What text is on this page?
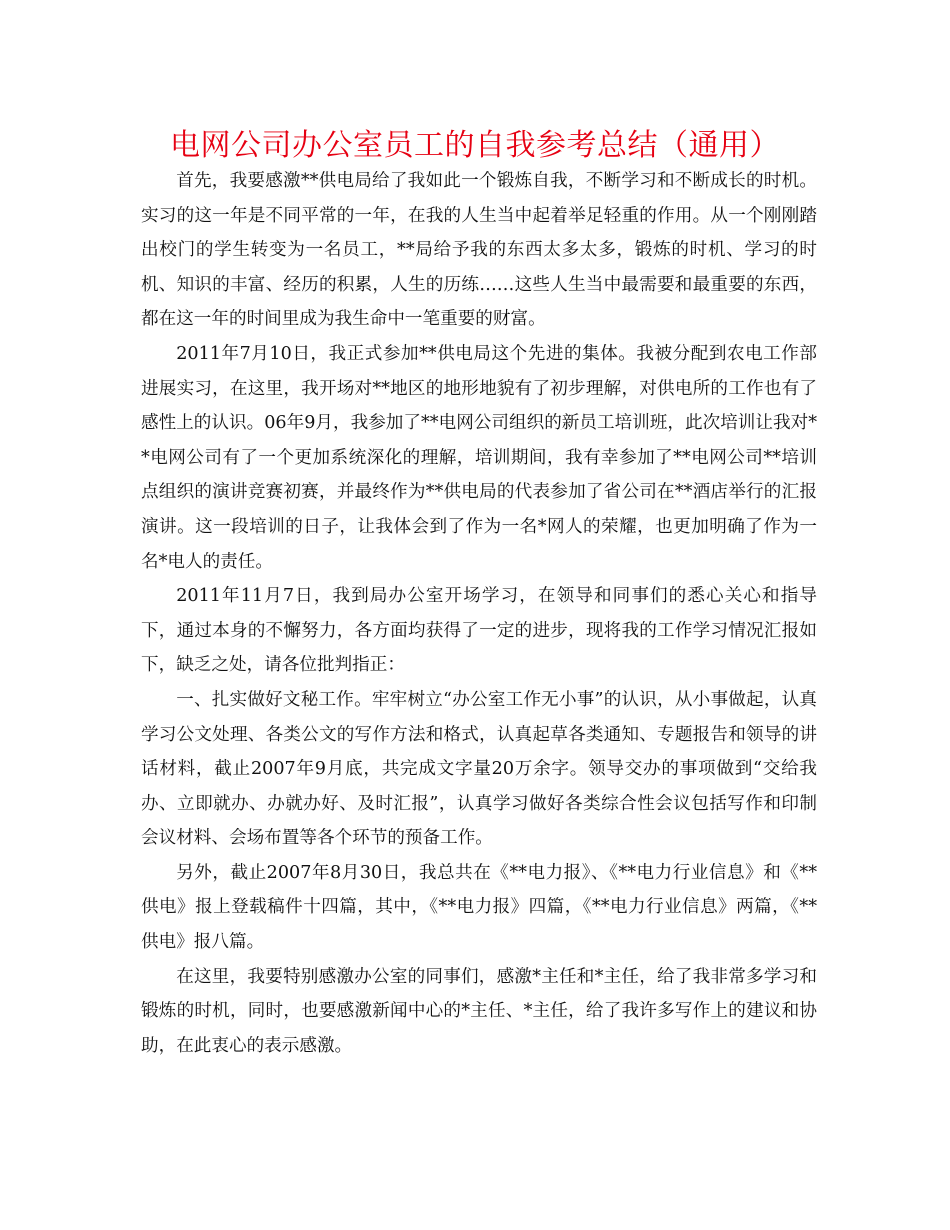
电网公司办公室员工的自我参考总结（通用）

首先，我要感激**供电局给了我如此一个锻炼自我，不断学习和不断成长的时机。实习的这一年是不同平常的一年，在我的人生当中起着举足轻重的作用。从一个刚刚踏出校门的学生转变为一名员工，**局给予我的东西太多太多，锻炼的时机、学习的时机、知识的丰富、经历的积累，人生的历练……这些人生当中最需要和最重要的东西，都在这一年的时间里成为我生命中一笔重要的财富。

2011年7月10日，我正式参加**供电局这个先进的集体。我被分配到农电工作部进展实习，在这里，我开场对**地区的地形地貌有了初步理解，对供电所的工作也有了感性上的认识。06年9月，我参加了**电网公司组织的新员工培训班，此次培训让我对**电网公司有了一个更加系统深化的理解，培训期间，我有幸参加了**电网公司**培训点组织的演讲竞赛初赛，并最终作为**供电局的代表参加了省公司在**酒店举行的汇报演讲。这一段培训的日子，让我体会到了作为一名*网人的荣耀，也更加明确了作为一名*电人的责任。

2011年11月7日，我到局办公室开场学习，在领导和同事们的悉心关心和指导下，通过本身的不懈努力，各方面均获得了一定的进步，现将我的工作学习情况汇报如下，缺乏之处，请各位批判指正：

一、扎实做好文秘工作。牢牢树立“办公室工作无小事”的认识，从小事做起，认真学习公文处理、各类公文的写作方法和格式，认真起草各类通知、专题报告和领导的讲话材料，截止2007年9月底，共完成文字量20万余字。领导交办的事项做到“交给我办、立即就办、办就办好、及时汇报”，认真学习做好各类综合性会议包括写作和印制会议材料、会场布置等各个环节的预备工作。

另外，截止2007年8月30日，我总共在《**电力报》、《**电力行业信息》和《**供电》报上登载稿件十四篇，其中，《**电力报》四篇，《**电力行业信息》两篇，《**供电》报八篇。

在这里，我要特别感激办公室的同事们，感激*主任和*主任，给了我非常多学习和锻炼的时机，同时，也要感激新闻中心的*主任、*主任，给了我许多写作上的建议和协助，在此衷心的表示感激。
